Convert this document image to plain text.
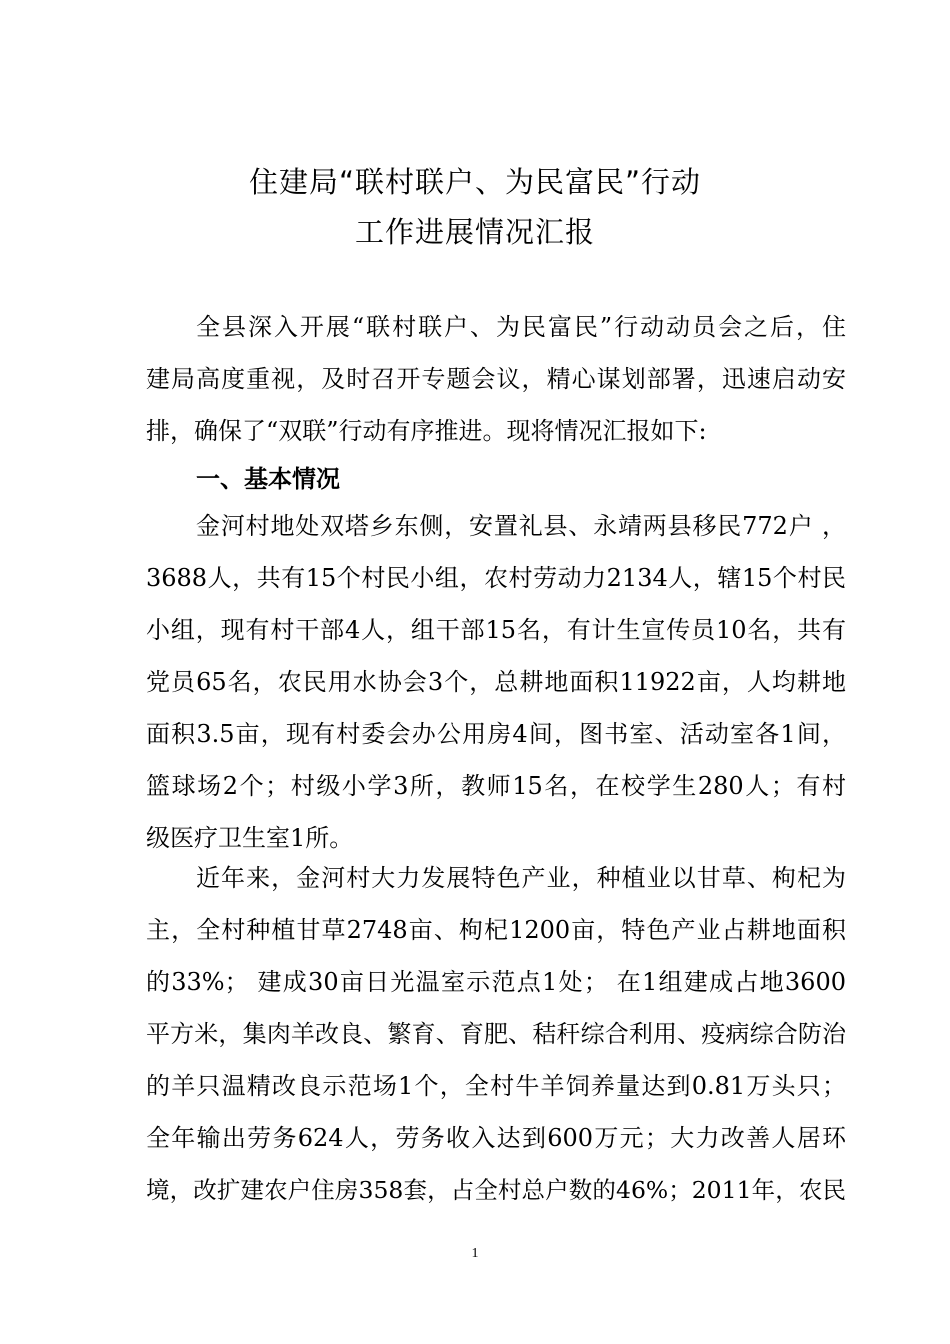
住建局“联村联户、为民富民”行动
工作进展情况汇报
全县深入开展“联村联户、为民富民”行动动员会之后，住
建局高度重视，及时召开专题会议，精心谋划部署，迅速启动安
排，确保了“双联”行动有序推进。现将情况汇报如下:
一、基本情况
金河村地处双塔乡东侧，安置礼县、永靖两县移民772户 ，
3688人，共有15个村民小组，农村劳动力2134人，辖15个村民
小组，现有村干部4人，组干部15名，有计生宣传员10名，共有
党员65名，农民用水协会3个，总耕地面积11922亩，人均耕地
面积3.5亩，现有村委会办公用房4间，图书室、活动室各1间，
篮球场2个；村级小学3所，教师15名，在校学生280人；有村
级医疗卫生室1所。
近年来，金河村大力发展特色产业，种植业以甘草、枸杞为
主，全村种植甘草2748亩、枸杞1200亩，特色产业占耕地面积
的33%； 建成30亩日光温室示范点1处； 在1组建成占地3600
平方米，集肉羊改良、繁育、育肥、秸秆综合利用、疫病综合防治
的羊只温精改良示范场1个，全村牛羊饲养量达到0.81万头只；
全年输出劳务624人，劳务收入达到600万元；大力改善人居环
境，改扩建农户住房358套，占全村总户数的46%；2011年，农民
1
